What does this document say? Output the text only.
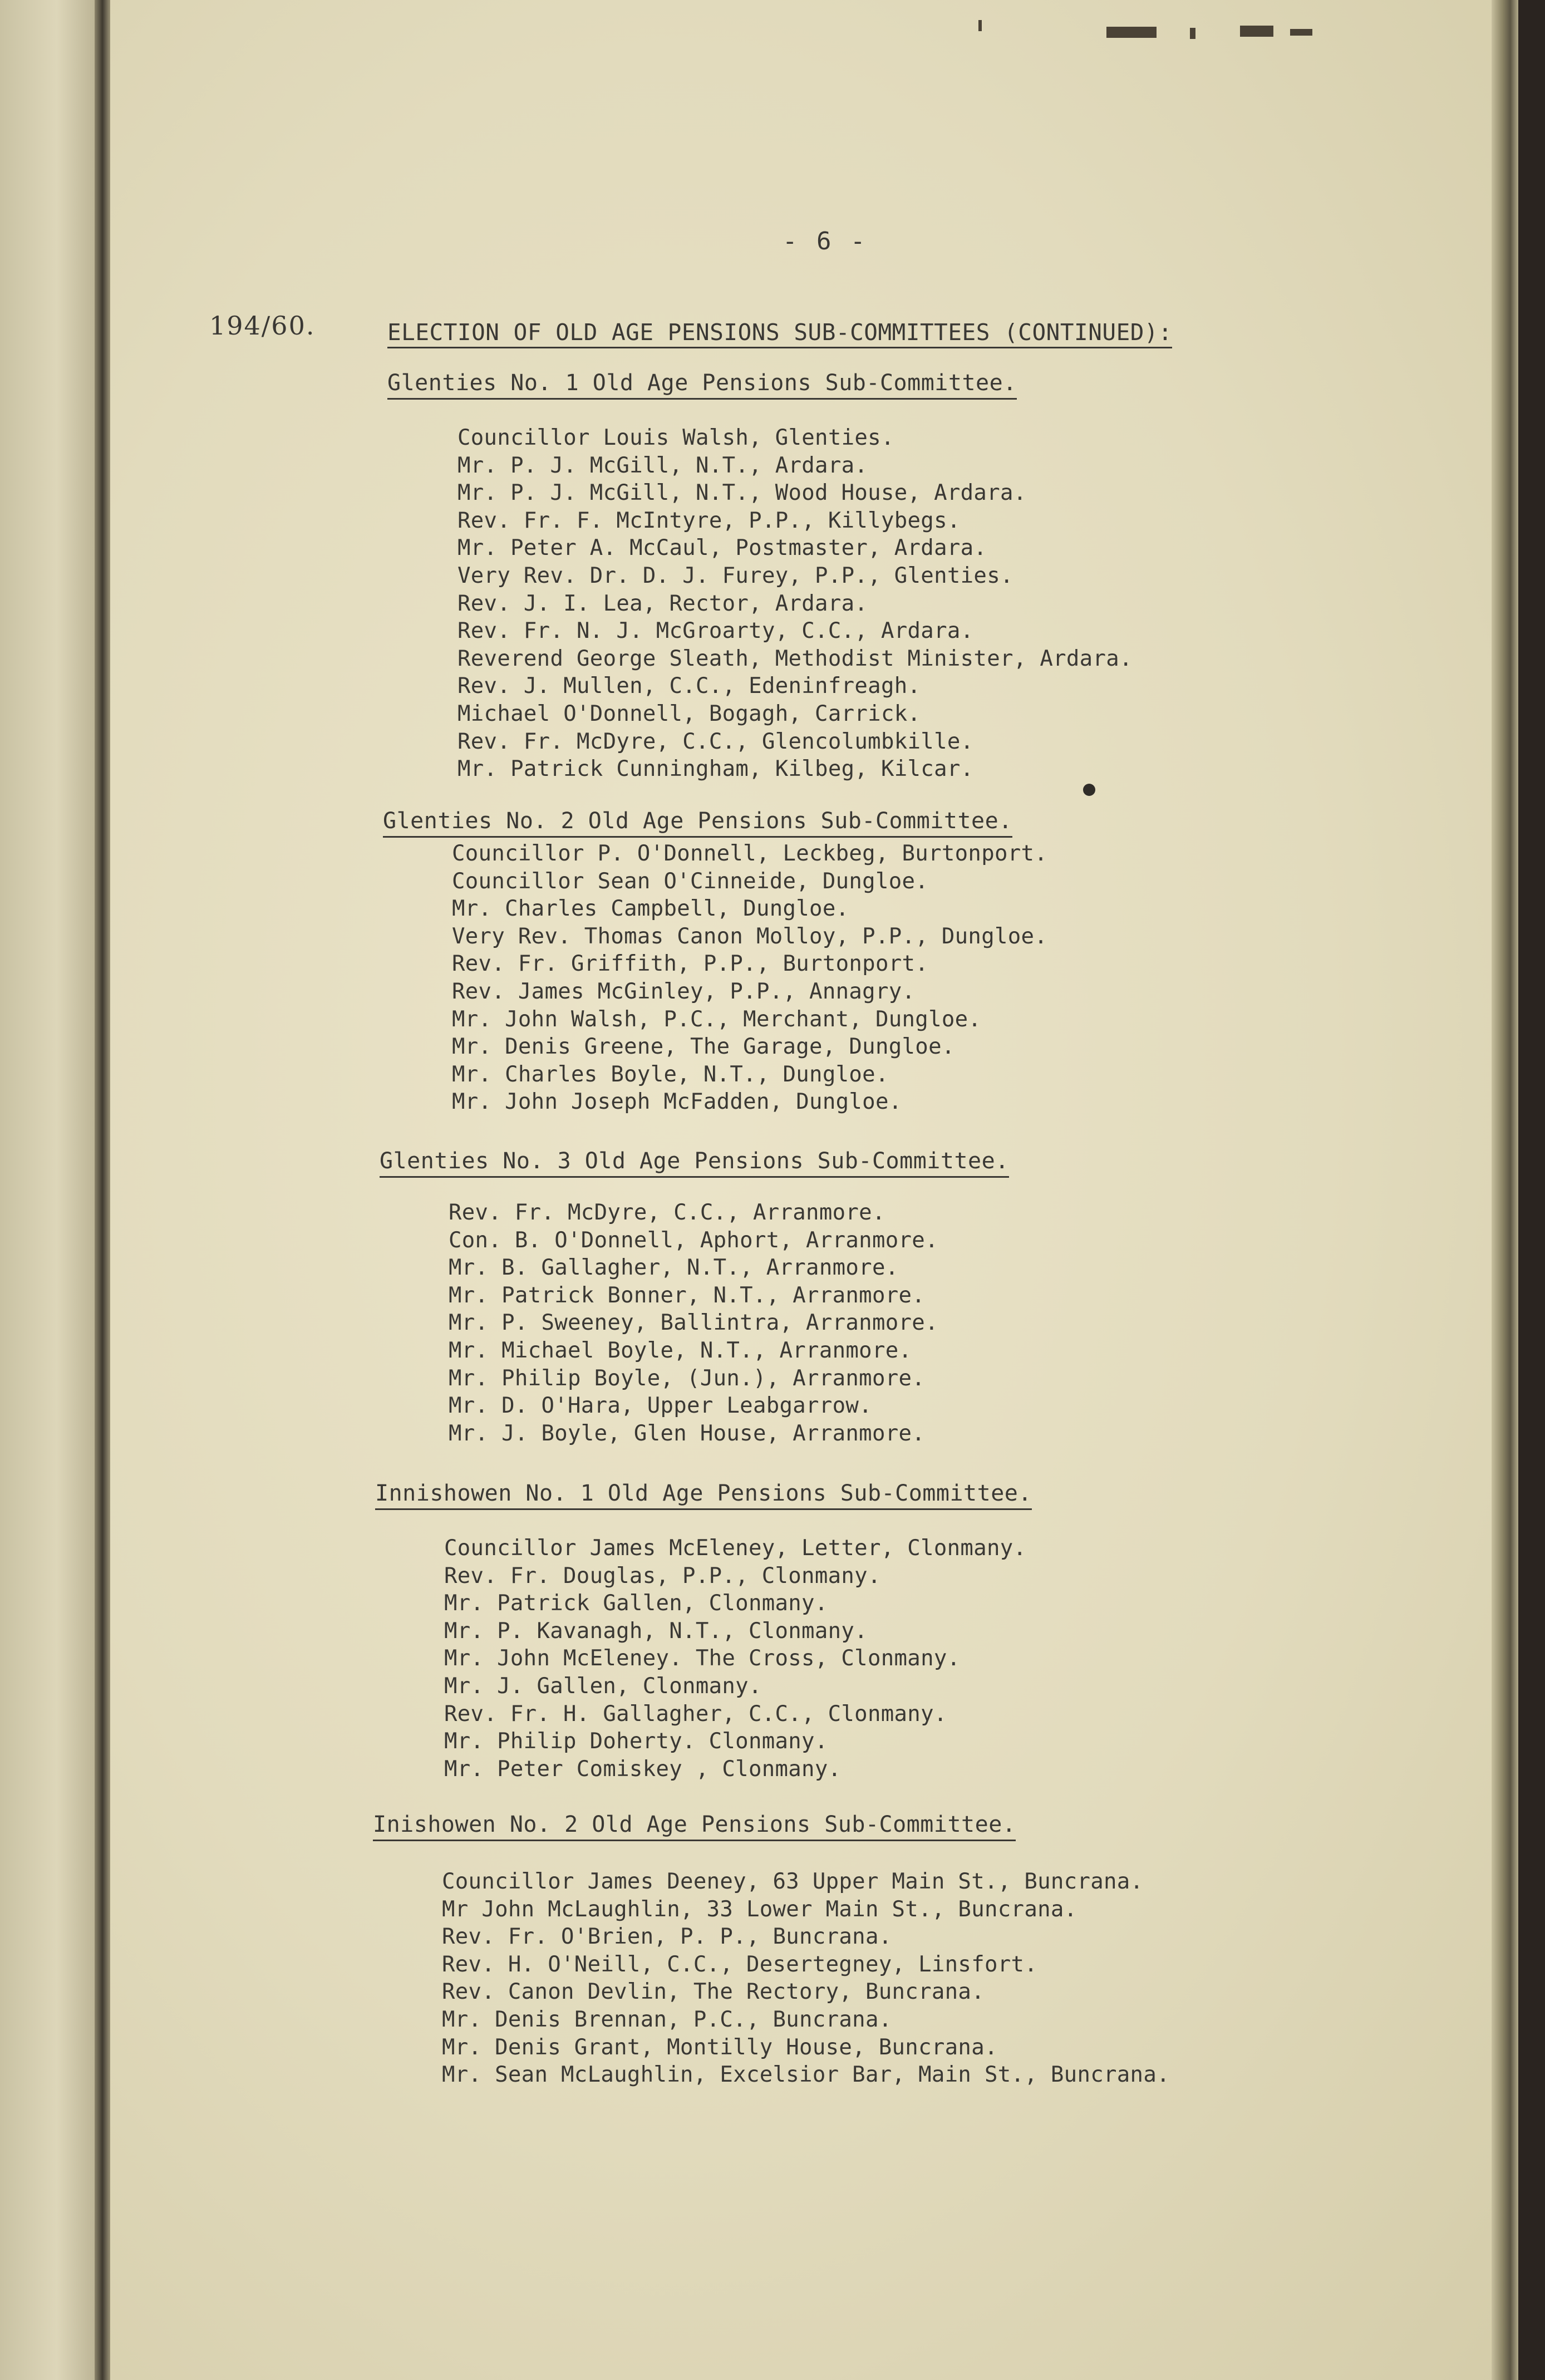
- 6 -
194/60.	ELECTION OF OLD AGE PENSIONS SUB-COMMITTEES (CONTINUED):
Glenties No. 1 Old Age Pensions Sub-Committee.
Councillor Louis Walsh, Glenties.
Mr. P. J. McGill, N.T., Ardara.
Mr. P. J. McGill, N.T., Wood House, Ardara.
Rev. Fr. F. McIntyre, P.P., Killybegs.
Mr. Peter A. McCaul, Postmaster, Ardara.
Very Rev. Dr. D. J. Furey, P.P., Glenties.
Rev. J. I. Lea, Rector, Ardara.
Rev. Fr. N. J. McGroarty, C.C., Ardara.
Reverend George Sleath, Methodist Minister, Ardara.
Rev. J. Mullen, C.C., Edeninfreagh.
Michael O'Donnell, Bogagh, Carrick.
Rev. Fr. McDyre, C.C., Glencolumbkille.
Mr. Patrick Cunningham, Kilbeg, Kilcar.
Glenties No. 2 Old Age Pensions Sub-Committee.
Councillor P. O'Donnell, Leckbeg, Burtonport.
Councillor Sean O'Cinneide, Dungloe.
Mr. Charles Campbell, Dungloe.
Very Rev. Thomas Canon Molloy, P.P., Dungloe.
Rev. Fr. Griffith, P.P., Burtonport.
Rev. James McGinley, P.P., Annagry.
Mr. John Walsh, P.C., Merchant, Dungloe.
Mr. Denis Greene, The Garage, Dungloe.
Mr. Charles Boyle, N.T., Dungloe.
Mr. John Joseph McFadden, Dungloe.
Glenties No. 3 Old Age Pensions Sub-Committee.
Rev. Fr. McDyre, C.C., Arranmore.
Con. B. O'Donnell, Aphort, Arranmore.
Mr. B. Gallagher, N.T., Arranmore.
Mr. Patrick Bonner, N.T., Arranmore.
Mr. P. Sweeney, Ballintra, Arranmore.
Mr. Michael Boyle, N.T., Arranmore.
Mr. Philip Boyle, (Jun.), Arranmore.
Mr. D. O'Hara, Upper Leabgarrow.
Mr. J. Boyle, Glen House, Arranmore.
Innishowen No. 1 Old Age Pensions Sub-Committee.
Councillor James McEleney, Letter, Clonmany.
Rev. Fr. Douglas, P.P., Clonmany.
Mr. Patrick Gallen, Clonmany.
Mr. P. Kavanagh, N.T., Clonmany.
Mr. John McEleney. The Cross, Clonmany.
Mr. J. Gallen, Clonmany.
Rev. Fr. H. Gallagher, C.C., Clonmany.
Mr. Philip Doherty. Clonmany.
Mr. Peter Comiskey , Clonmany.
Inishowen No. 2 Old Age Pensions Sub-Committee.
Councillor James Deeney, 63 Upper Main St., Buncrana.
Mr John McLaughlin, 33 Lower Main St., Buncrana.
Rev. Fr. O'Brien, P. P., Buncrana.
Rev. H. O'Neill, C.C., Desertegney, Linsfort.
Rev. Canon Devlin, The Rectory, Buncrana.
Mr. Denis Brennan, P.C., Buncrana.
Mr. Denis Grant, Montilly House, Buncrana.
Mr. Sean McLaughlin, Excelsior Bar, Main St., Buncrana.
